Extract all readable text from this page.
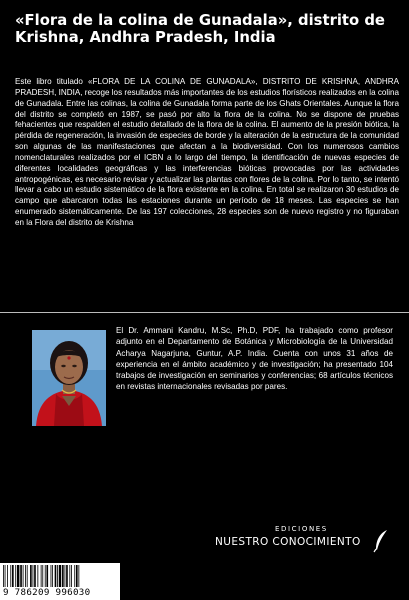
«Flora de la colina de Gunadala», distrito de Krishna, Andhra Pradesh, India

Este libro titulado «FLORA DE LA COLINA DE GUNADALA», DISTRITO DE KRISHNA, ANDHRA PRADESH, INDIA, recoge los resultados más importantes de los estudios florísticos realizados en la colina de Gunadala. Entre las colinas, la colina de Gunadala forma parte de los Ghats Orientales. Aunque la flora del distrito se completó en 1987, se pasó por alto la flora de la colina. No se dispone de pruebas fehacientes que respalden el estudio detallado de la flora de la colina. El aumento de la presión biótica, la pérdida de regeneración, la invasión de especies de borde y la alteración de la estructura de la comunidad son algunas de las manifestaciones que afectan a la biodiversidad. Con los numerosos cambios nomenclaturales realizados por el ICBN a lo largo del tiempo, la identificación de nuevas especies de diferentes localidades geográficas y las interferencias bióticas provocadas por las actividades antropogénicas, es necesario revisar y actualizar las plantas con flores de la colina. Por lo tanto, se intentó llevar a cabo un estudio sistemático de la flora existente en la colina. En total se realizaron 30 estudios de campo que abarcaron todas las estaciones durante un período de 18 meses. Las especies se han enumerado sistemáticamente. De las 197 colecciones, 28 especies son de nuevo registro y no figuraban en la Flora del distrito de Krishna

El Dr. Ammani Kandru, M.Sc, Ph.D, PDF, ha trabajado como profesor adjunto en el Departamento de Botánica y Microbiología de la Universidad Acharya Nagarjuna, Guntur, A.P. India. Cuenta con unos 31 años de experiencia en el ámbito académico y de investigación; ha presentado 104 trabajos de investigación en seminarios y conferencias; 68 artículos técnicos en revistas internacionales revisadas por pares.

EDICIONES
NUESTRO CONOCIMIENTO
9 786209 996030
